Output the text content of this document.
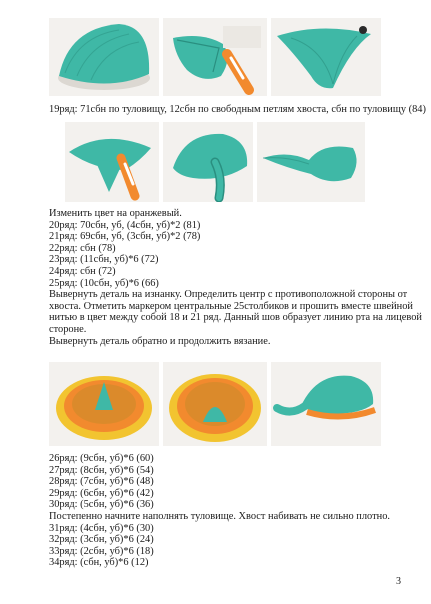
19ряд: 71сбн по туловищу, 12сбн по свободным петлям хвоста, сбн по туловищу (84)
Изменить цвет на оранжевый.
20ряд: 70сбн, уб, (4сбн, уб)*2 (81)
21ряд: 69сбн, уб, (3сбн, уб)*2 (78)
22ряд: сбн (78)
23ряд: (11сбн, уб)*6 (72)
24ряд: сбн (72)
25ряд: (10сбн, уб)*6 (66)
Вывернуть деталь на изнанку. Определить центр с противоположной стороны от
хвоста. Отметить маркером центральные 25столбиков и прошить вместе швейной
нитью в цвет между собой 18 и 21 ряд. Данный шов образует линию рта на лицевой
стороне.
Вывернуть деталь обратно и продолжить вязание.
26ряд: (9сбн, уб)*6 (60)
27ряд: (8сбн, уб)*6 (54)
28ряд: (7сбн, уб)*6 (48)
29ряд: (6сбн, уб)*6 (42)
30ряд: (5сбн, уб)*6 (36)
Постепенно начните наполнять туловище. Хвост набивать не сильно плотно.
31ряд: (4сбн, уб)*6 (30)
32ряд: (3сбн, уб)*6 (24)
33ряд: (2сбн, уб)*6 (18)
34ряд: (сбн, уб)*6 (12)
3
